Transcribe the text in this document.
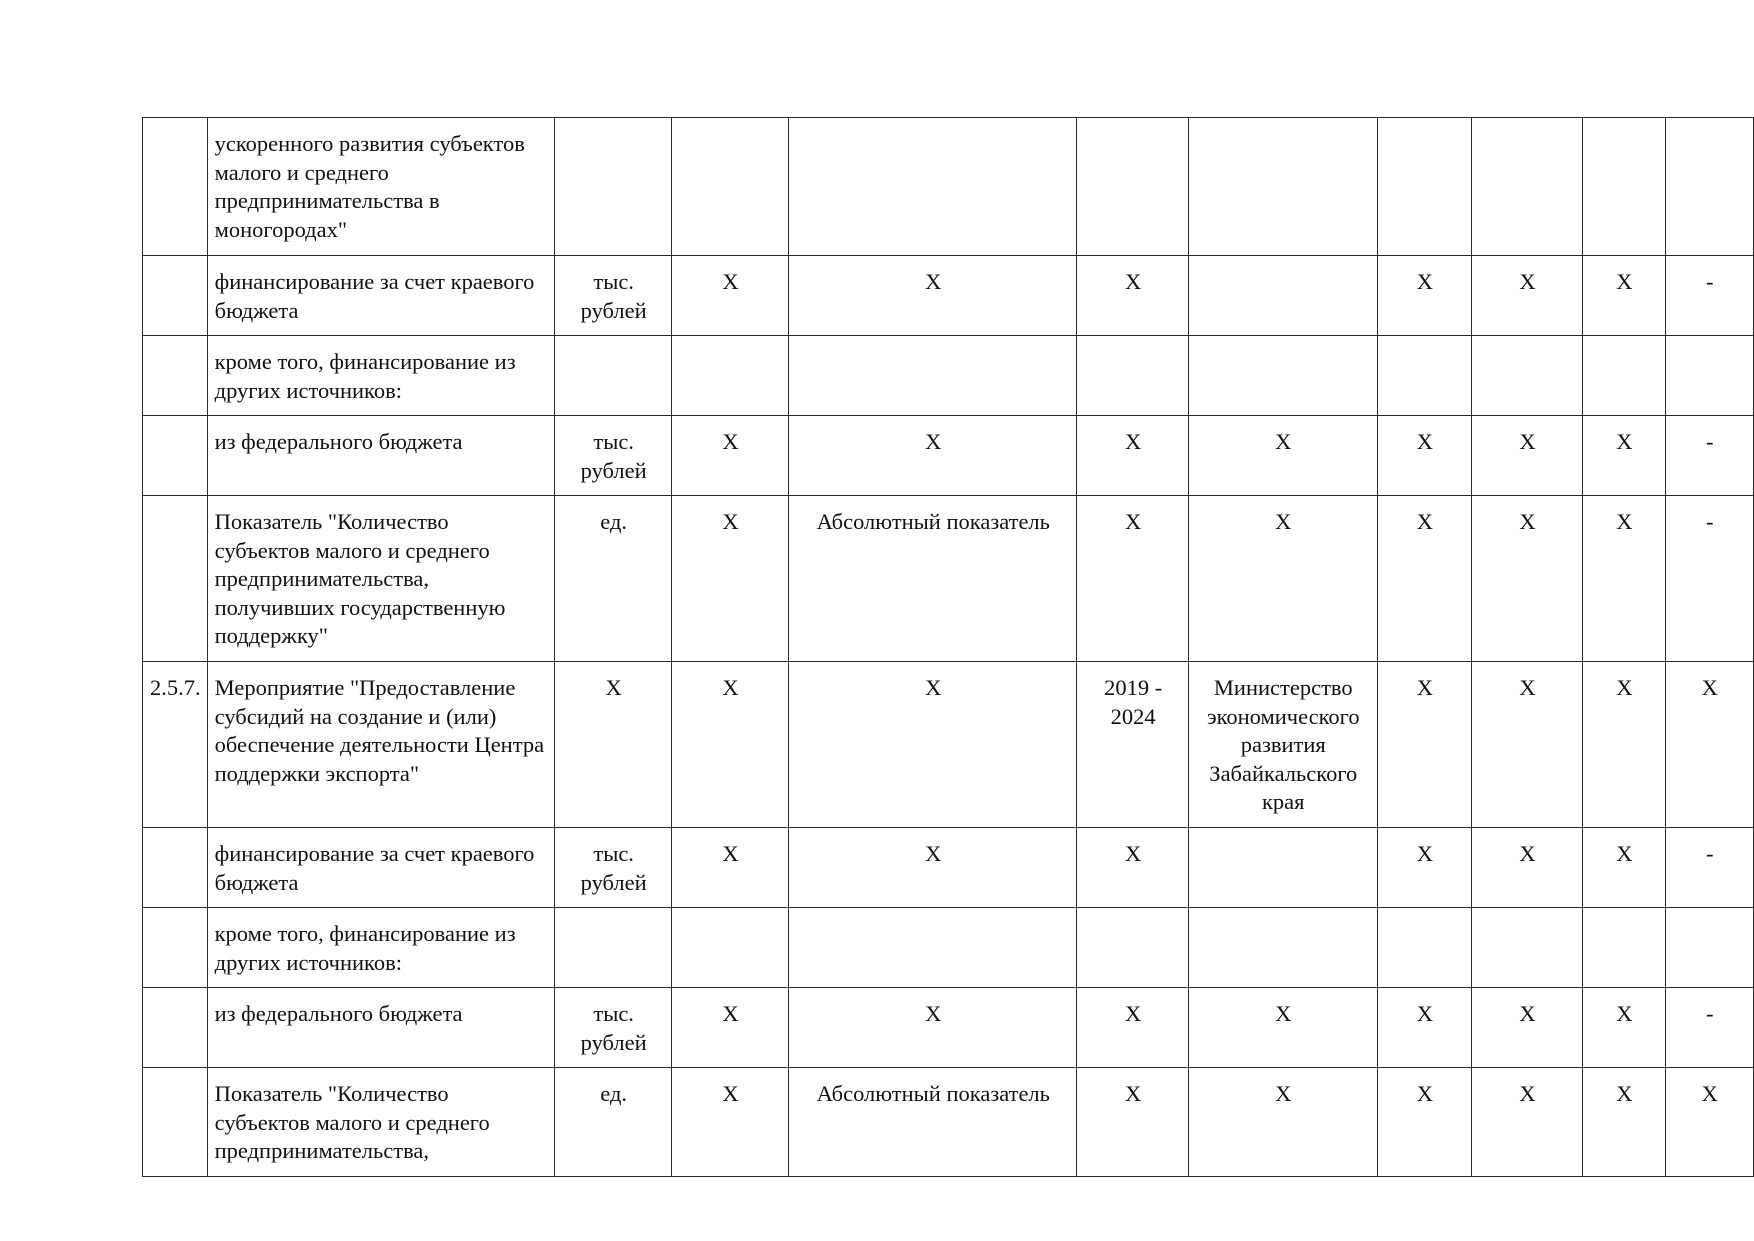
	ускоренного развития субъектов малого и среднего предпринимательства в моногородах"									
	финансирование за счет краевого бюджета	тыс. рублей	X	X	X		X	X	X	-
	кроме того, финансирование из других источников:									
	из федерального бюджета	тыс. рублей	X	X	X	X	X	X	X	-
	Показатель "Количество субъектов малого и среднего предпринимательства, получивших государственную поддержку"	ед.	X	Абсолютный показатель	X	X	X	X	X	-
2.5.7.	Мероприятие "Предоставление субсидий на создание и (или) обеспечение деятельности Центра поддержки экспорта"	X	X	X	2019 - 2024	Министерство экономического развития Забайкальского края	X	X	X	X
	финансирование за счет краевого бюджета	тыс. рублей	X	X	X		X	X	X	-
	кроме того, финансирование из других источников:									
	из федерального бюджета	тыс. рублей	X	X	X	X	X	X	X	-
	Показатель "Количество субъектов малого и среднего предпринимательства,	ед.	X	Абсолютный показатель	X	X	X	X	X	X
